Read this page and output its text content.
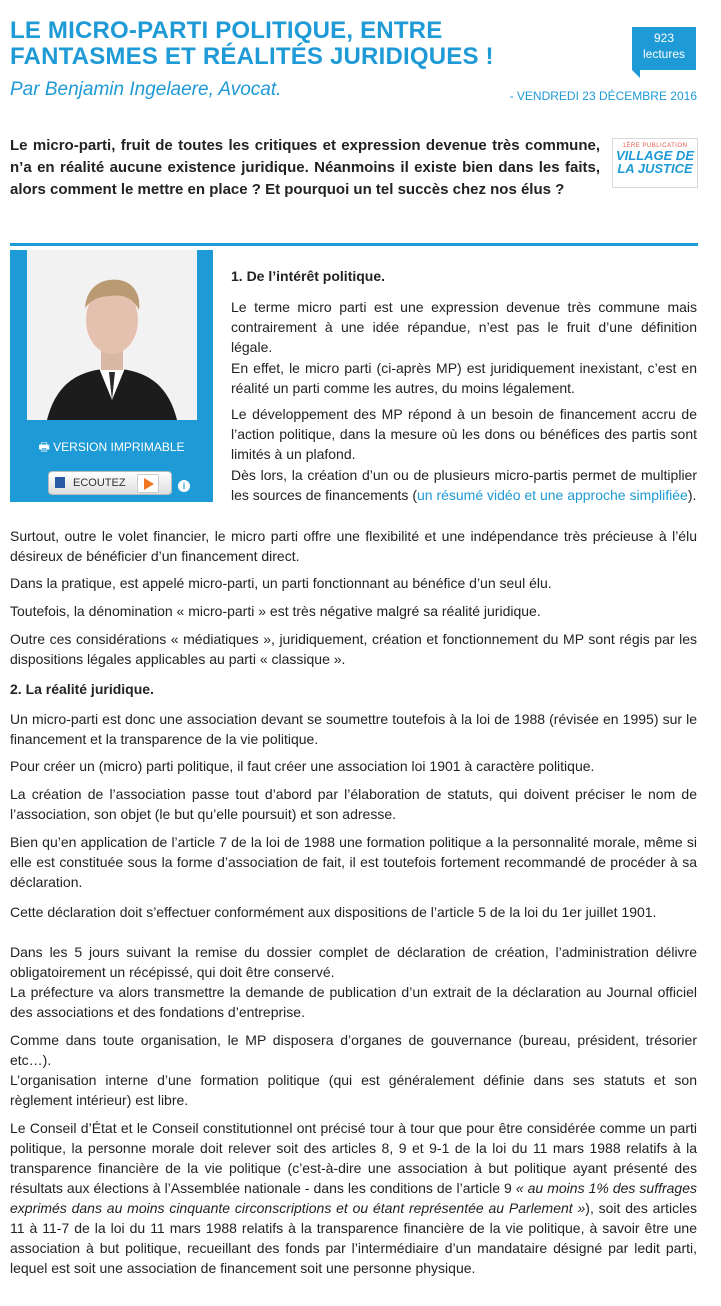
LE MICRO-PARTI POLITIQUE, ENTRE
FANTASMES ET RÉALITÉS JURIDIQUES !
923
lectures
Par Benjamin Ingelaere, Avocat.	- VENDREDI 23 DÉCEMBRE 2016
Le micro-parti, fruit de toutes les critiques et expression devenue très commune, n’a en réalité aucune existence juridique. Néanmoins il existe bien dans les faits, alors comment le mettre en place ? Et pourquoi un tel succès chez nos élus ?
1ÈRE PUBLICATION
VILLAGE DE
LA JUSTICE
🖶 VERSION IMPRIMABLE
ECOUTEZ	i

1. De l’intérêt politique.

Le terme micro parti est une expression devenue très commune mais contrairement à une idée répandue, n’est pas le fruit d’une définition légale.

En effet, le micro parti (ci-après MP) est juridiquement inexistant, c’est en réalité un parti comme les autres, du moins légalement.

Le développement des MP répond à un besoin de financement accru de l’action politique, dans la mesure où les dons ou bénéfices des partis sont limités à un plafond.

Dès lors, la création d’un ou de plusieurs micro-partis permet de multiplier les sources de financements (un résumé vidéo et une approche simplifiée).

Surtout, outre le volet financier, le micro parti offre une flexibilité et une indépendance très précieuse à l’élu désireux de bénéficier d’un financement direct.

Dans la pratique, est appelé micro-parti, un parti fonctionnant au bénéfice d’un seul élu.

Toutefois, la dénomination « micro-parti » est très négative malgré sa réalité juridique.

Outre ces considérations « médiatiques », juridiquement, création et fonctionnement du MP sont régis par les dispositions légales applicables au parti « classique ».

2. La réalité juridique.

Un micro-parti est donc une association devant se soumettre toutefois à la loi de 1988 (révisée en 1995) sur le financement et la transparence de la vie politique.

Pour créer un (micro) parti politique, il faut créer une association loi 1901 à caractère politique.

La création de l’association passe tout d’abord par l’élaboration de statuts, qui doivent préciser le nom de l’association, son objet (le but qu’elle poursuit) et son adresse.

Bien qu’en application de l’article 7 de la loi de 1988 une formation politique a la personnalité morale, même si elle est constituée sous la forme d’association de fait, il est toutefois fortement recommandé de procéder à sa déclaration.

Cette déclaration doit s’effectuer conformément aux dispositions de l’article 5 de la loi du 1er juillet 1901.

Dans les 5 jours suivant la remise du dossier complet de déclaration de création, l’administration délivre obligatoirement un récépissé, qui doit être conservé.

La préfecture va alors transmettre la demande de publication d’un extrait de la déclaration au Journal officiel des associations et des fondations d’entreprise.

Comme dans toute organisation, le MP disposera d’organes de gouvernance (bureau, président, trésorier etc…).

L’organisation interne d’une formation politique (qui est généralement définie dans ses statuts et son règlement intérieur) est libre.

Le Conseil d’État et le Conseil constitutionnel ont précisé tour à tour que pour être considérée comme un parti politique, la personne morale doit relever soit des articles 8, 9 et 9-1 de la loi du 11 mars 1988 relatifs à la transparence financière de la vie politique (c’est-à-dire une association à but politique ayant présenté des résultats aux élections à l’Assemblée nationale - dans les conditions de l’article 9 « au moins 1% des suffrages exprimés dans au moins cinquante circonscriptions et ou étant représentée au Parlement »), soit des articles 11 à 11-7 de la loi du 11 mars 1988 relatifs à la transparence financière de la vie politique, à savoir être une association à but politique, recueillant des fonds par l’intermédiaire d’un mandataire désigné par ledit parti, lequel est soit une association de financement soit une personne physique.
